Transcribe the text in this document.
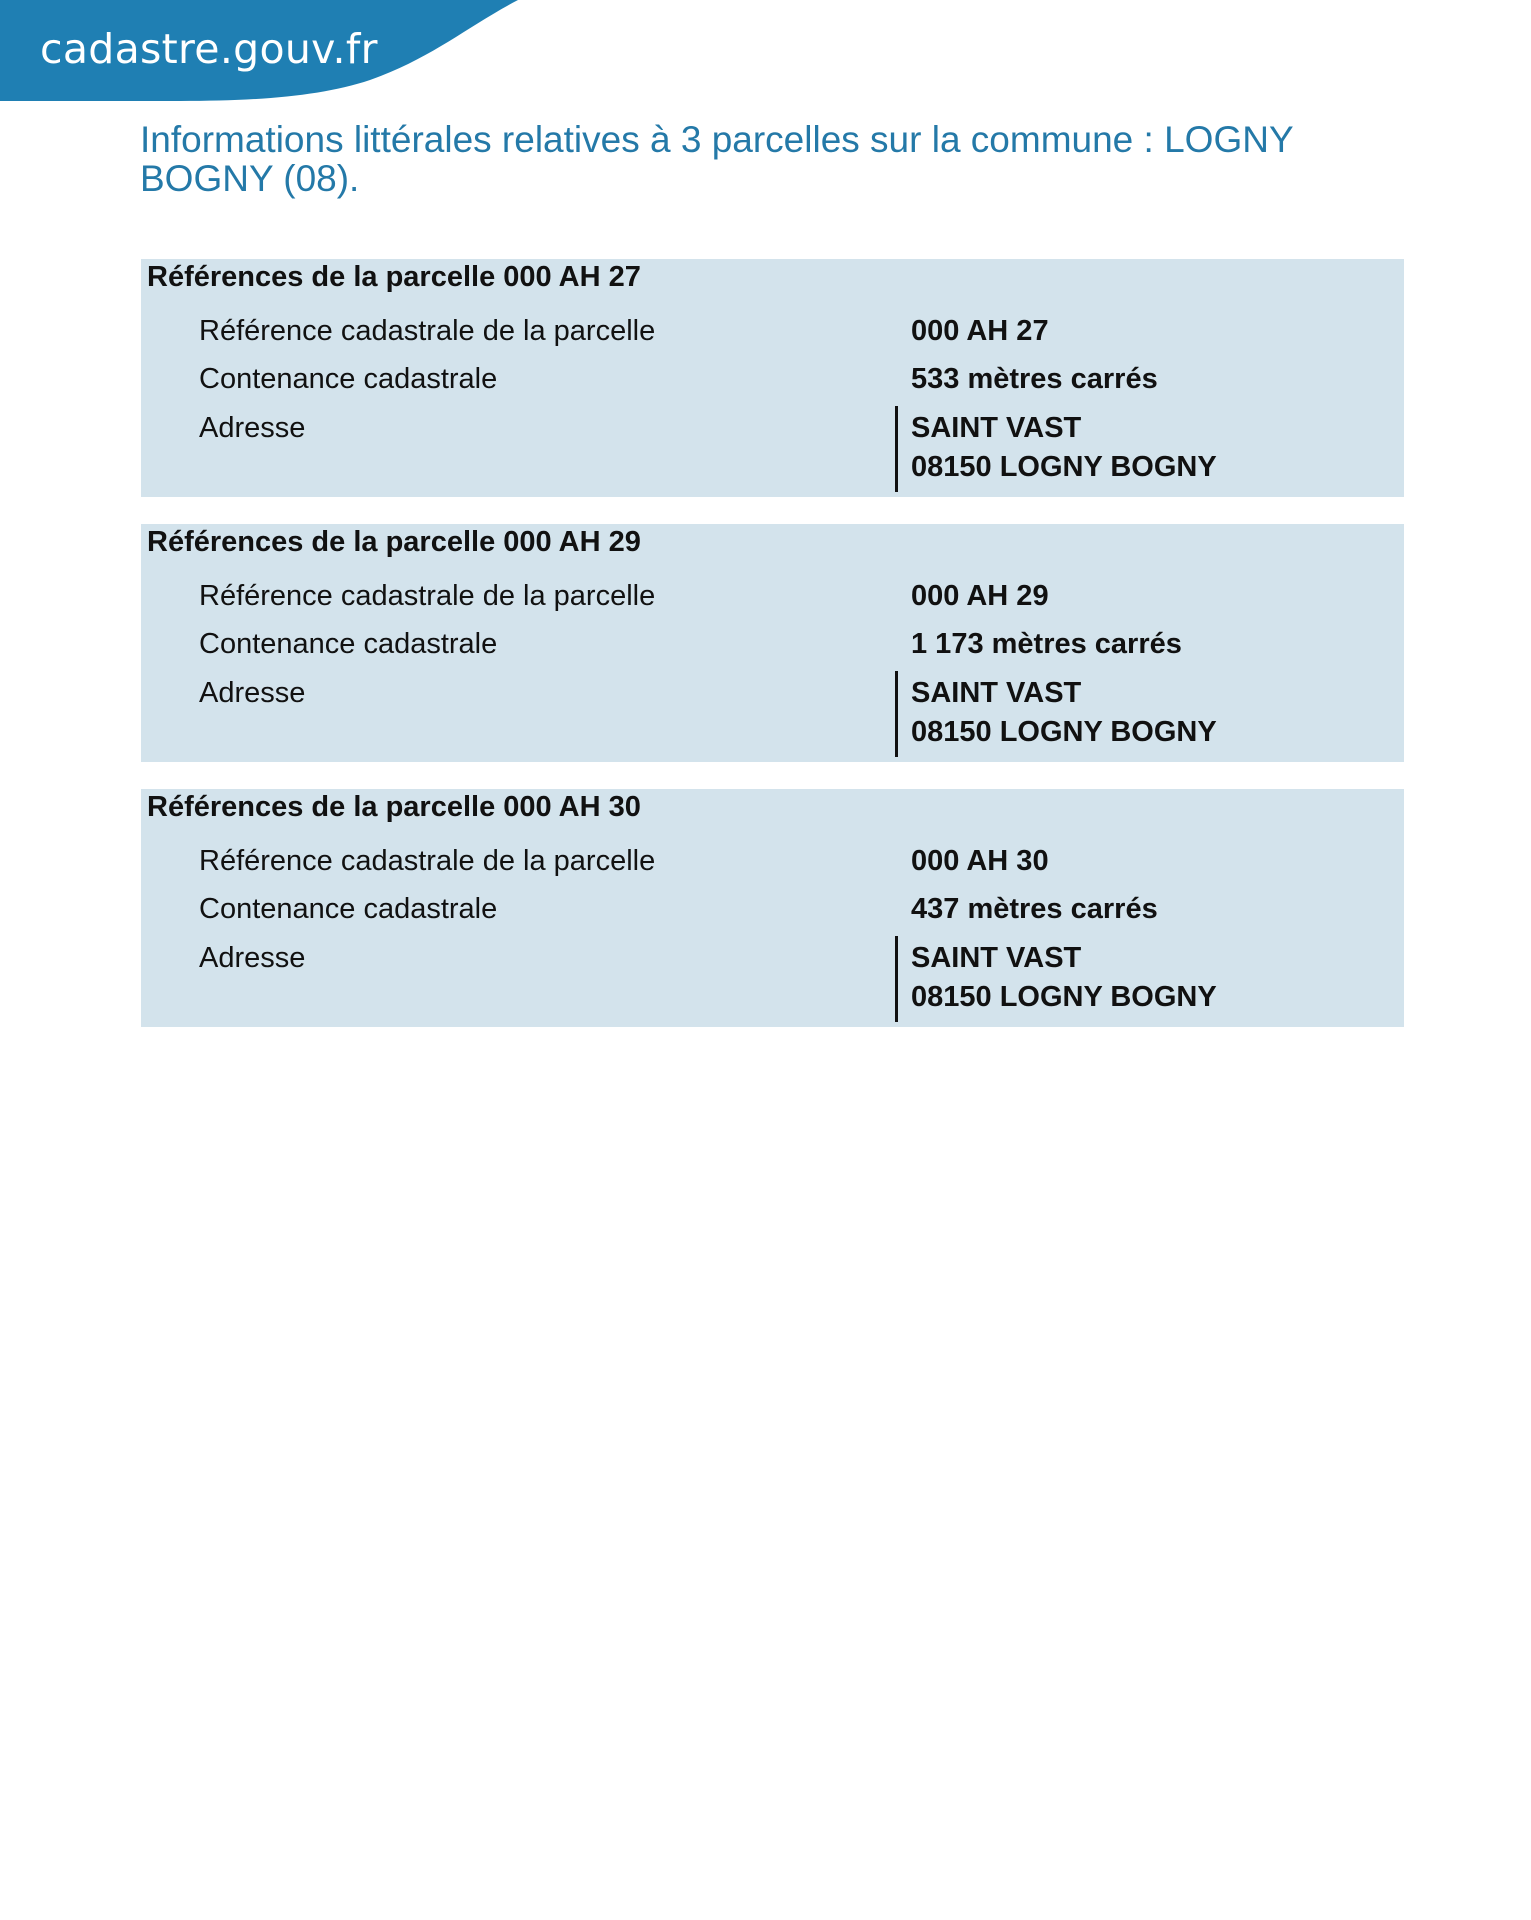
cadastre.gouv.fr
Informations littérales relatives à 3 parcelles sur la commune : LOGNY BOGNY (08).
Références de la parcelle 000 AH 27
Référence cadastrale de la parcelle	000 AH 27
Contenance cadastrale	533 mètres carrés
Adresse	SAINT VAST
08150 LOGNY BOGNY
Références de la parcelle 000 AH 29
Référence cadastrale de la parcelle	000 AH 29
Contenance cadastrale	1 173 mètres carrés
Adresse	SAINT VAST
08150 LOGNY BOGNY
Références de la parcelle 000 AH 30
Référence cadastrale de la parcelle	000 AH 30
Contenance cadastrale	437 mètres carrés
Adresse	SAINT VAST
08150 LOGNY BOGNY
